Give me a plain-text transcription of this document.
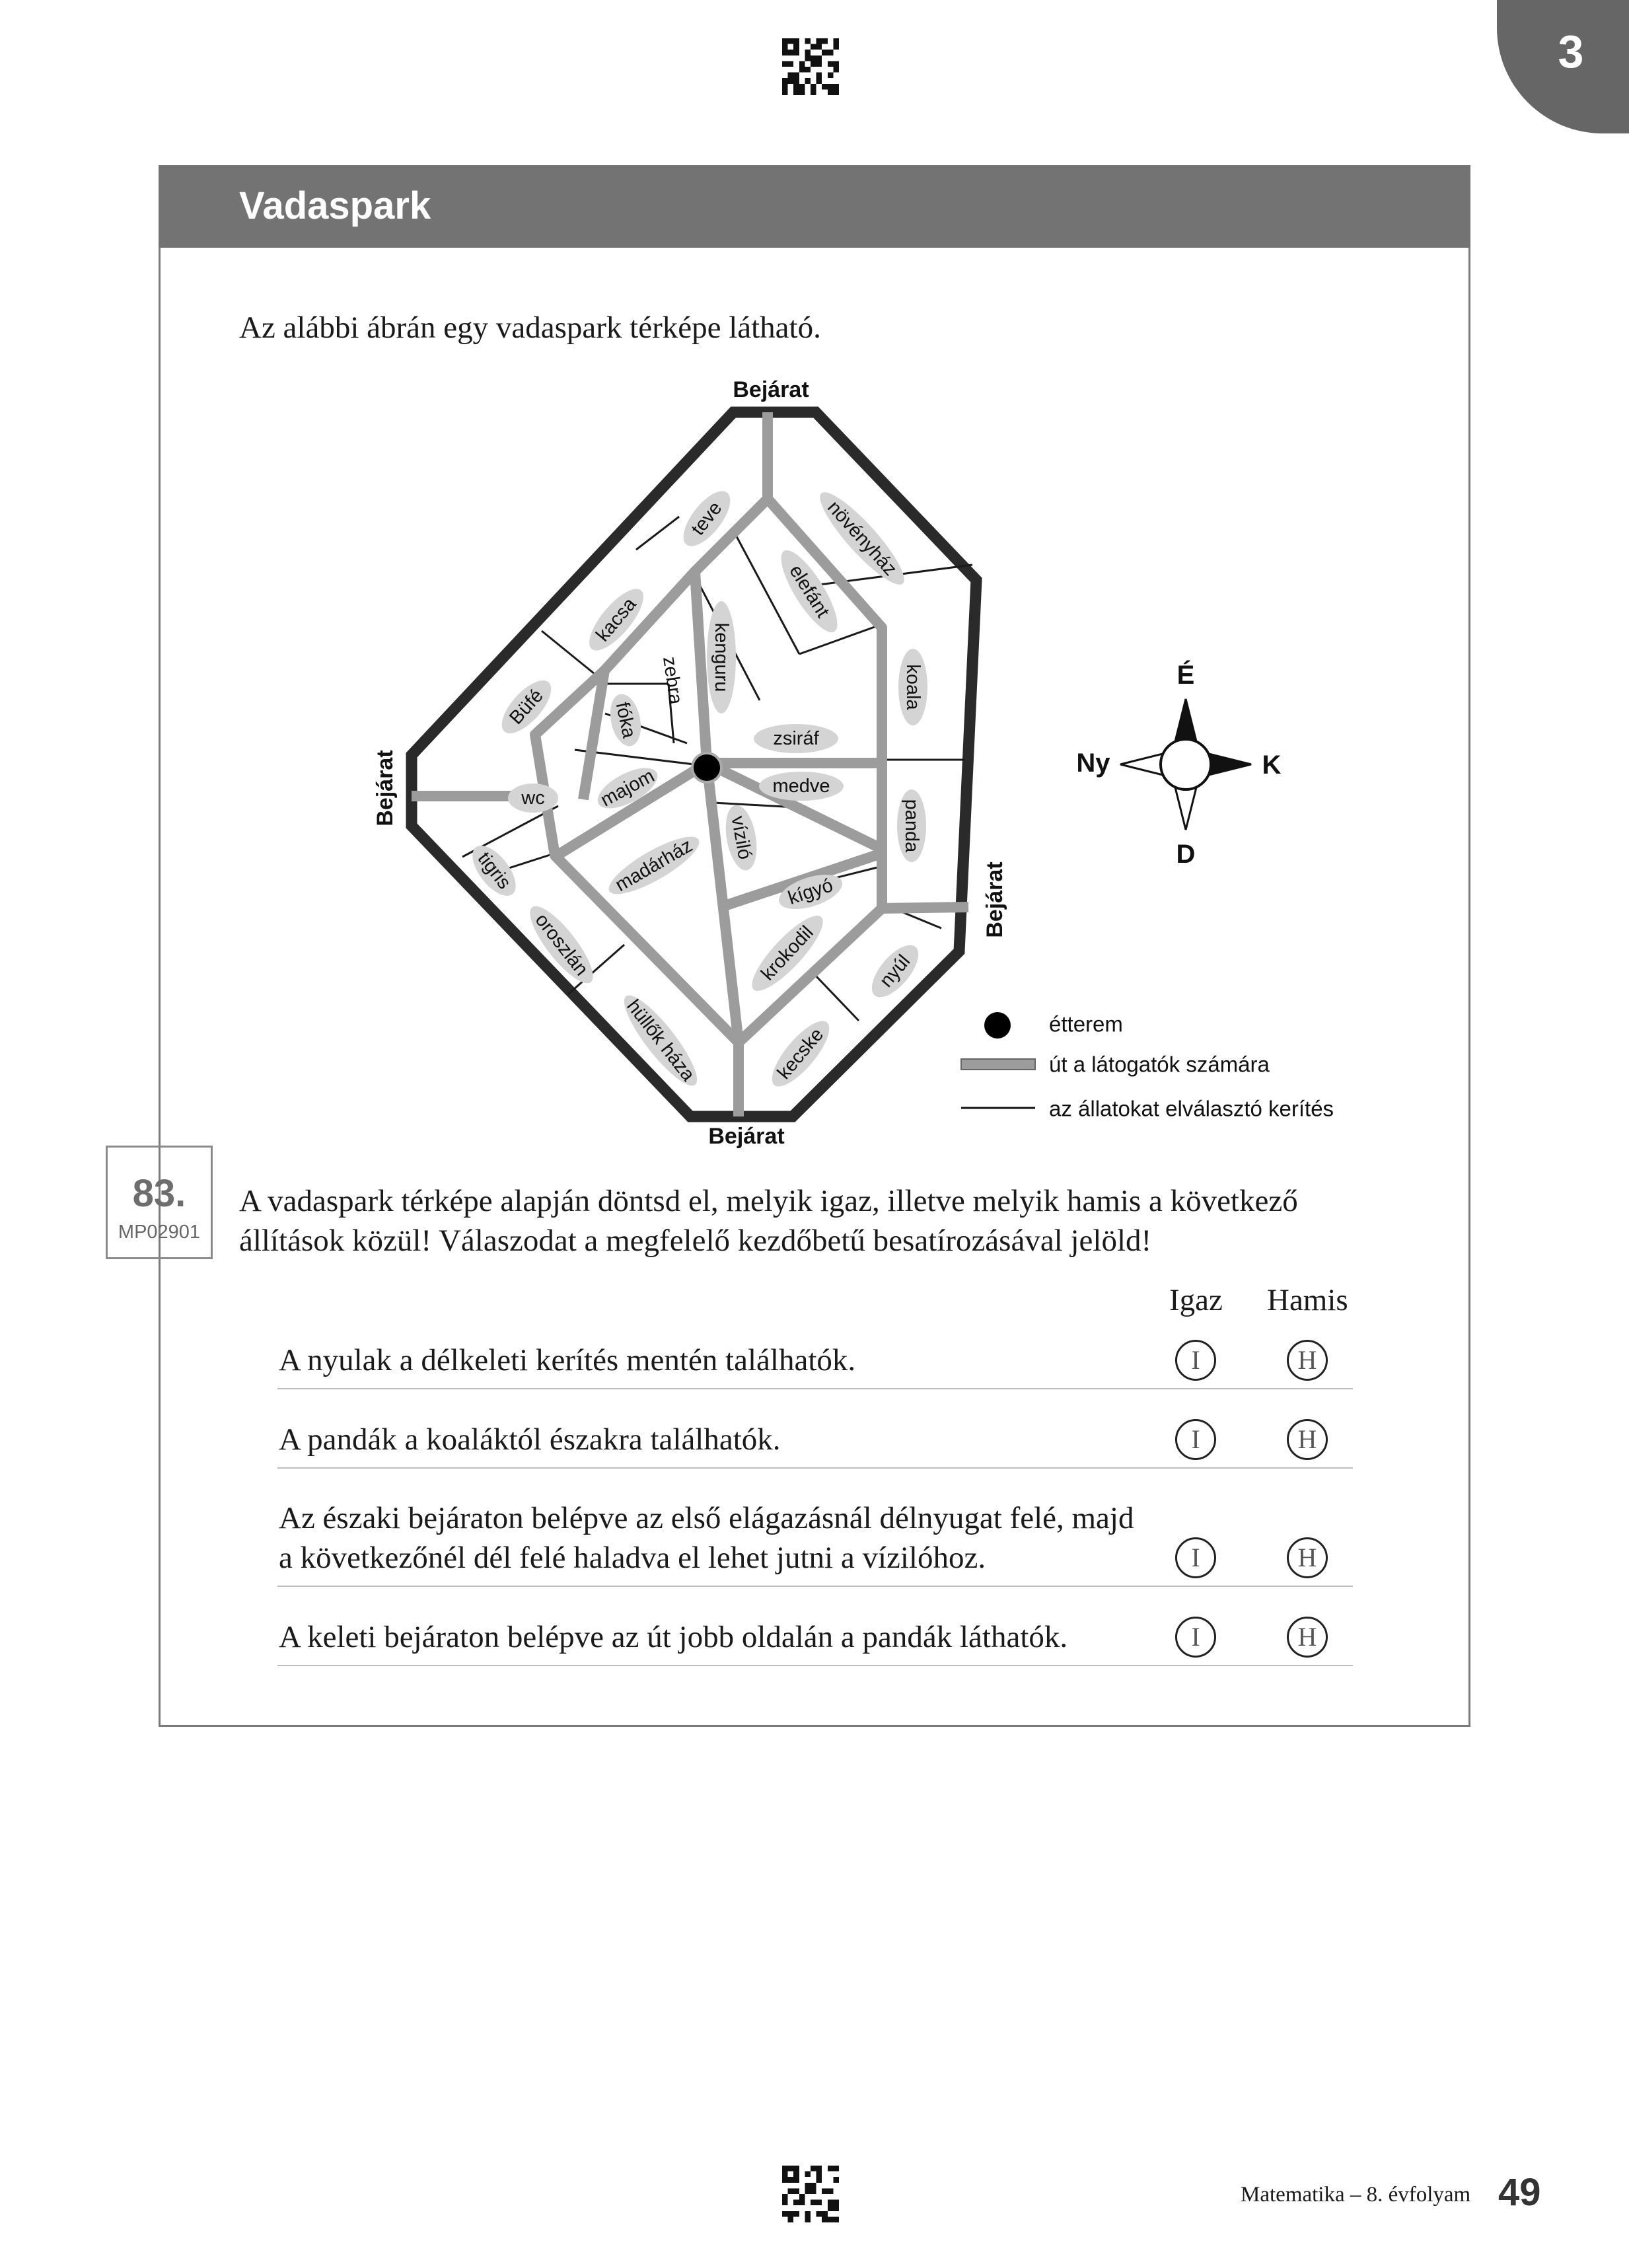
3
Vadaspark
Az alábbi ábrán egy vadaspark térképe látható.
teve	növényház
elefánt
kacsa
kenguru
zebra
fóka
Büfé
zsiráf
koala
wc	majom	medve
panda
tigris	madárház víziló
kígyó
oroszlán	krokodil	nyúl
hüllők háza	kecske
Bejárat
Bejárat
Bejárat
Bejárat
É
D
Ny	K
étterem
út a látogatók számára
az állatokat elválasztó kerítés
83.
MP02901
A vadaspark térképe alapján döntsd el, melyik igaz, illetve melyik hamis a következő állítások közül! Válaszodat a megfelelő kezdőbetű besatírozásával jelöld!
Igaz Hamis
A nyulak a délkeleti kerítés mentén találhatók.	I	H
A pandák a koaláktól északra találhatók.	I	H
Az északi bejáraton belépve az első elágazásnál délnyugat felé, majd a következőnél dél felé haladva el lehet jutni a vízilóhoz.	I	H
A keleti bejáraton belépve az út jobb oldalán a pandák láthatók.	I	H
Matematika – 8. évfolyam 49
